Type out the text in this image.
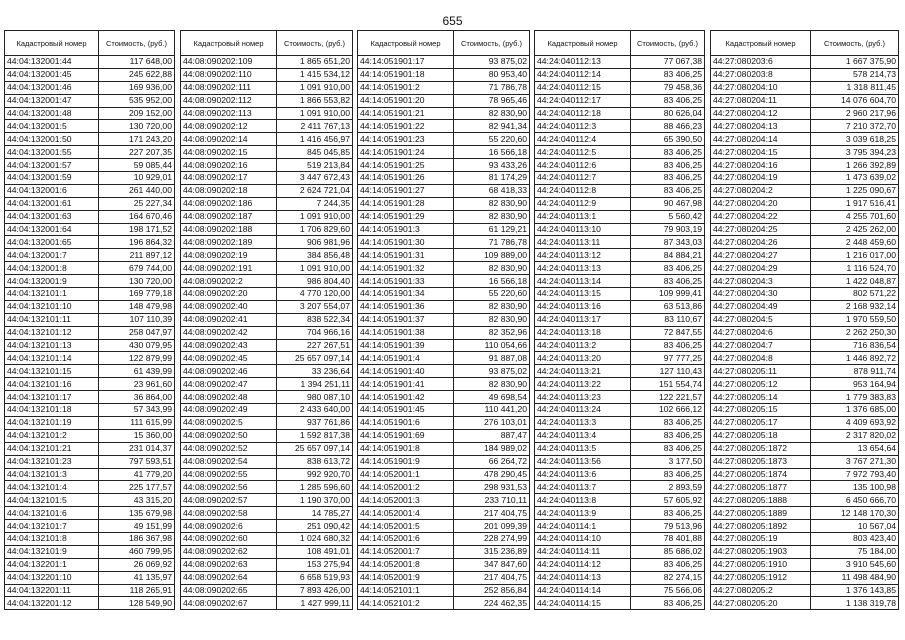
655
Кадастровый номер	Стоимость, (руб.)
44:04:132001:44	117 648,00
44:04:132001:45	245 622,88
44:04:132001:46	169 936,00
44:04:132001:47	535 952,00
44:04:132001:48	209 152,00
44:04:132001:5	130 720,00
44:04:132001:50	171 243,20
44:04:132001:55	227 207,35
44:04:132001:57	59 085,44
44:04:132001:59	10 929,01
44:04:132001:6	261 440,00
44:04:132001:61	25 227,34
44:04:132001:63	164 670,46
44:04:132001:64	198 171,52
44:04:132001:65	196 864,32
44:04:132001:7	211 897,12
44:04:132001:8	679 744,00
44:04:132001:9	130 720,00
44:04:132101:1	169 779,18
44:04:132101:10	148 479,98
44:04:132101:11	107 110,39
44:04:132101:12	258 047,97
44:04:132101:13	430 079,95
44:04:132101:14	122 879,99
44:04:132101:15	61 439,99
44:04:132101:16	23 961,60
44:04:132101:17	36 864,00
44:04:132101:18	57 343,99
44:04:132101:19	111 615,99
44:04:132101:2	15 360,00
44:04:132101:21	231 014,37
44:04:132101:23	797 593,51
44:04:132101:3	41 779,20
44:04:132101:4	225 177,57
44:04:132101:5	43 315,20
44:04:132101:6	135 679,98
44:04:132101:7	49 151,99
44:04:132101:8	186 367,98
44:04:132101:9	460 799,95
44:04:132201:1	26 069,92
44:04:132201:10	41 135,97
44:04:132201:11	118 265,91
44:04:132201:12	128 549,90
Кадастровый номер	Стоимость, (руб.)
44:08:090202:109	1 865 651,20
44:08:090202:110	1 415 534,12
44:08:090202:111	1 091 910,00
44:08:090202:112	1 866 553,82
44:08:090202:113	1 091 910,00
44:08:090202:12	2 411 767,13
44:08:090202:14	1 416 456,97
44:08:090202:15	845 045,85
44:08:090202:16	519 213,84
44:08:090202:17	3 447 672,43
44:08:090202:18	2 624 721,04
44:08:090202:186	7 244,35
44:08:090202:187	1 091 910,00
44:08:090202:188	1 706 829,60
44:08:090202:189	906 981,96
44:08:090202:19	384 856,48
44:08:090202:191	1 091 910,00
44:08:090202:2	986 804,40
44:08:090202:20	4 770 120,00
44:08:090202:40	3 207 554,07
44:08:090202:41	838 522,34
44:08:090202:42	704 966,16
44:08:090202:43	227 267,51
44:08:090202:45	25 657 097,14
44:08:090202:46	33 236,64
44:08:090202:47	1 394 251,11
44:08:090202:48	980 087,10
44:08:090202:49	2 433 640,00
44:08:090202:5	937 761,86
44:08:090202:50	1 592 817,38
44:08:090202:52	25 657 097,14
44:08:090202:54	838 613,72
44:08:090202:55	992 920,70
44:08:090202:56	1 285 596,60
44:08:090202:57	1 190 370,00
44:08:090202:58	14 785,27
44:08:090202:6	251 090,42
44:08:090202:60	1 024 680,32
44:08:090202:62	108 491,01
44:08:090202:63	153 275,94
44:08:090202:64	6 658 519,93
44:08:090202:65	7 893 426,00
44:08:090202:67	1 427 999,11
Кадастровый номер	Стоимость, (руб.)
44:14:051901:17	93 875,02
44:14:051901:18	80 953,40
44:14:051901:2	71 786,78
44:14:051901:20	78 965,46
44:14:051901:21	82 830,90
44:14:051901:22	82 941,34
44:14:051901:23	55 220,60
44:14:051901:24	16 566,18
44:14:051901:25	93 433,26
44:14:051901:26	81 174,29
44:14:051901:27	68 418,33
44:14:051901:28	82 830,90
44:14:051901:29	82 830,90
44:14:051901:3	61 129,21
44:14:051901:30	71 786,78
44:14:051901:31	109 889,00
44:14:051901:32	82 830,90
44:14:051901:33	16 566,18
44:14:051901:34	55 220,60
44:14:051901:36	82 830,90
44:14:051901:37	82 830,90
44:14:051901:38	82 352,96
44:14:051901:39	110 054,66
44:14:051901:4	91 887,08
44:14:051901:40	93 875,02
44:14:051901:41	82 830,90
44:14:051901:42	49 698,54
44:14:051901:45	110 441,20
44:14:051901:6	276 103,01
44:14:051901:69	887,47
44:14:051901:8	184 989,02
44:14:051901:9	66 264,72
44:14:052001:1	478 290,45
44:14:052001:2	298 931,53
44:14:052001:3	233 710,11
44:14:052001:4	217 404,75
44:14:052001:5	201 099,39
44:14:052001:6	228 274,99
44:14:052001:7	315 236,89
44:14:052001:8	347 847,60
44:14:052001:9	217 404,75
44:14:052101:1	252 856,84
44:14:052101:2	224 462,35
Кадастровый номер	Стоимость, (руб.)
44:24:040112:13	77 067,38
44:24:040112:14	83 406,25
44:24:040112:15	79 458,36
44:24:040112:17	83 406,25
44:24:040112:18	80 626,04
44:24:040112:3	88 466,23
44:24:040112:4	65 390,50
44:24:040112:5	83 406,25
44:24:040112:6	83 406,25
44:24:040112:7	83 406,25
44:24:040112:8	83 406,25
44:24:040112:9	90 467,98
44:24:040113:1	5 560,42
44:24:040113:10	79 903,19
44:24:040113:11	87 343,03
44:24:040113:12	84 884,21
44:24:040113:13	83 406,25
44:24:040113:14	83 406,25
44:24:040113:15	109 999,41
44:24:040113:16	63 513,86
44:24:040113:17	83 110,67
44:24:040113:18	72 847,55
44:24:040113:2	83 406,25
44:24:040113:20	97 777,25
44:24:040113:21	127 110,43
44:24:040113:22	151 554,74
44:24:040113:23	122 221,57
44:24:040113:24	102 666,12
44:24:040113:3	83 406,25
44:24:040113:4	83 406,25
44:24:040113:5	83 406,25
44:24:040113:56	3 177,50
44:24:040113:6	83 406,25
44:24:040113:7	2 893,59
44:24:040113:8	57 605,92
44:24:040113:9	83 406,25
44:24:040114:1	79 513,96
44:24:040114:10	78 401,88
44:24:040114:11	85 686,02
44:24:040114:12	83 406,25
44:24:040114:13	82 274,15
44:24:040114:14	75 566,06
44:24:040114:15	83 406,25
Кадастровый номер	Стоимость, (руб.)
44:27:080203:6	1 667 375,90
44:27:080203:8	578 214,73
44:27:080204:10	1 318 811,45
44:27:080204:11	14 076 604,70
44:27:080204:12	2 960 217,96
44:27:080204:13	7 210 372,70
44:27:080204:14	3 039 618,25
44:27:080204:15	3 795 394,23
44:27:080204:16	1 266 392,89
44:27:080204:19	1 473 639,02
44:27:080204:2	1 225 090,67
44:27:080204:20	1 917 516,41
44:27:080204:22	4 255 701,60
44:27:080204:25	2 425 262,00
44:27:080204:26	2 448 459,60
44:27:080204:27	1 216 017,00
44:27:080204:29	1 116 524,70
44:27:080204:3	1 422 048,87
44:27:080204:30	802 571,22
44:27:080204:49	2 168 932,14
44:27:080204:5	1 970 559,50
44:27:080204:6	2 262 250,30
44:27:080204:7	716 836,54
44:27:080204:8	1 446 892,72
44:27:080205:11	878 911,74
44:27:080205:12	953 164,94
44:27:080205:14	1 779 383,83
44:27:080205:15	1 376 685,00
44:27:080205:17	4 409 693,92
44:27:080205:18	2 317 820,02
44:27:080205:1872	13 654,64
44:27:080205:1873	3 767 271,30
44:27:080205:1874	7 972 793,40
44:27:080205:1877	135 100,98
44:27:080205:1888	6 450 666,70
44:27:080205:1889	12 148 170,30
44:27:080205:1892	10 567,04
44:27:080205:19	803 423,40
44:27:080205:1903	75 184,00
44:27:080205:1910	3 910 545,60
44:27:080205:1912	11 498 484,90
44:27:080205:2	1 376 143,85
44:27:080205:20	1 138 319,78
